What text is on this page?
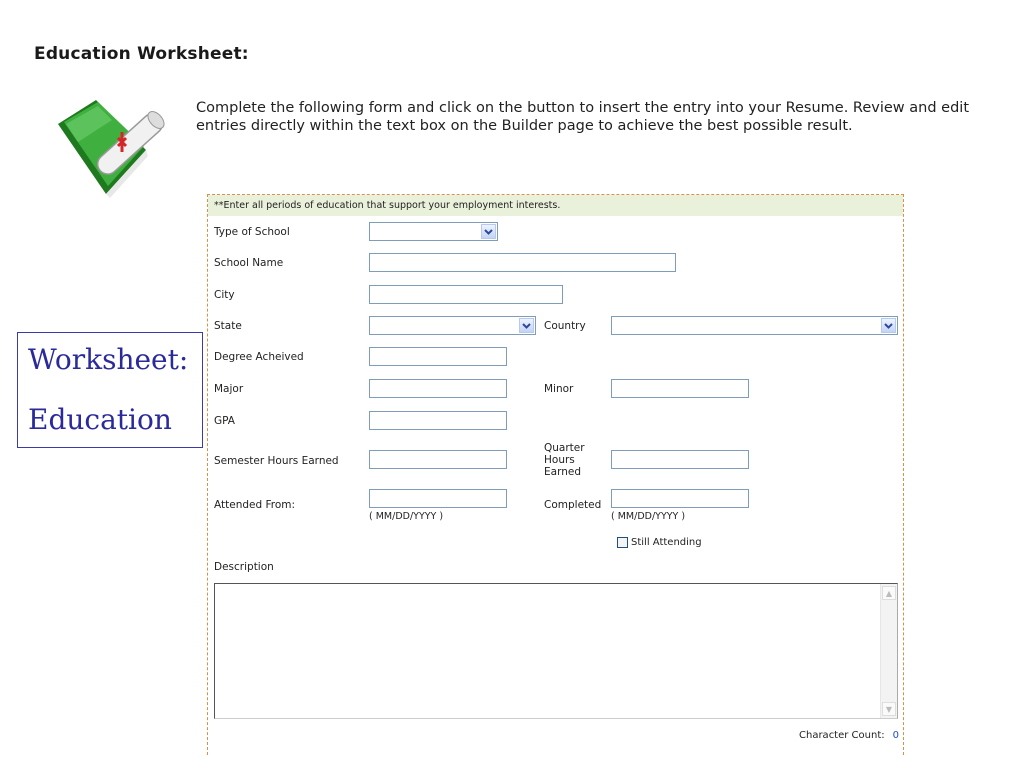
Education Worksheet:
Complete the following form and click on the button to insert the entry into your Resume. Review and edit entries directly within the text box on the Builder page to achieve the best possible result.
**Enter all periods of education that support your employment interests.
Type of School
School Name
City
State	Country
Degree Acheived
Major	Minor
GPA
Semester Hours Earned
Quarter
Hours
Earned
Attended From:
( MM/DD/YYYY )
Completed
( MM/DD/YYYY )
Still Attending
Description
▲
▼
Character Count: 0
Worksheet:
Education
